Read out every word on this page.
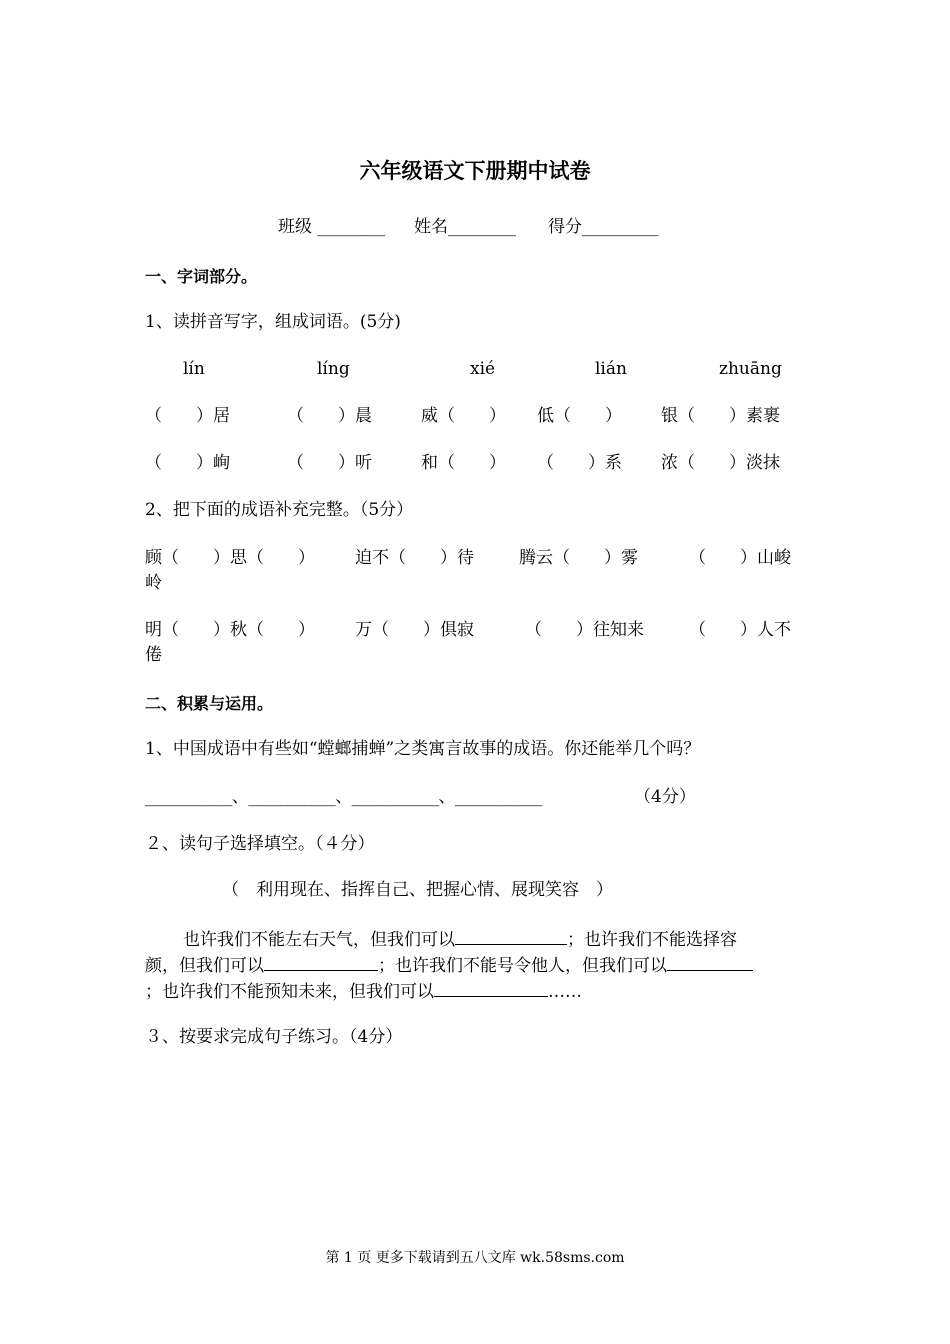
六年级语文下册期中试卷
班级 ________ 姓名________ 得分_________
一、字词部分。
1、读拼音写字，组成词语。(5分)
lín	líng	xié	lián	zhuāng
（　　）居	（　　）晨	威（　　） 低（　　） 银（　　）素裹
（　　）峋	（　　）听	和（　　） （　　）系 浓（　　）淡抹
2、把下面的成语补充完整。（5分）
顾（　　）思（　　） 迫不（　　）待	腾云（　　）雾	（　　）山峻
岭
明（　　）秋（　　） 万（　　）俱寂	（　　）往知来	（　　）人不
倦
二、积累与运用。
1、中国成语中有些如“螳螂捕蝉”之类寓言故事的成语。你还能举几个吗？
___________、___________、___________、___________	（4分）
２、读句子选择填空。（４分）
（　利用现在、指挥自己、把握心情、展现笑容　）
也许我们不能左右天气，但我们可以	；也许我们不能选择容
颜，但我们可以	；也许我们不能号令他人，但我们可以
；也许我们不能预知未来，但我们可以	……
３、按要求完成句子练习。（4分）
第 1 页 更多下载请到五八文库 wk.58sms.com
